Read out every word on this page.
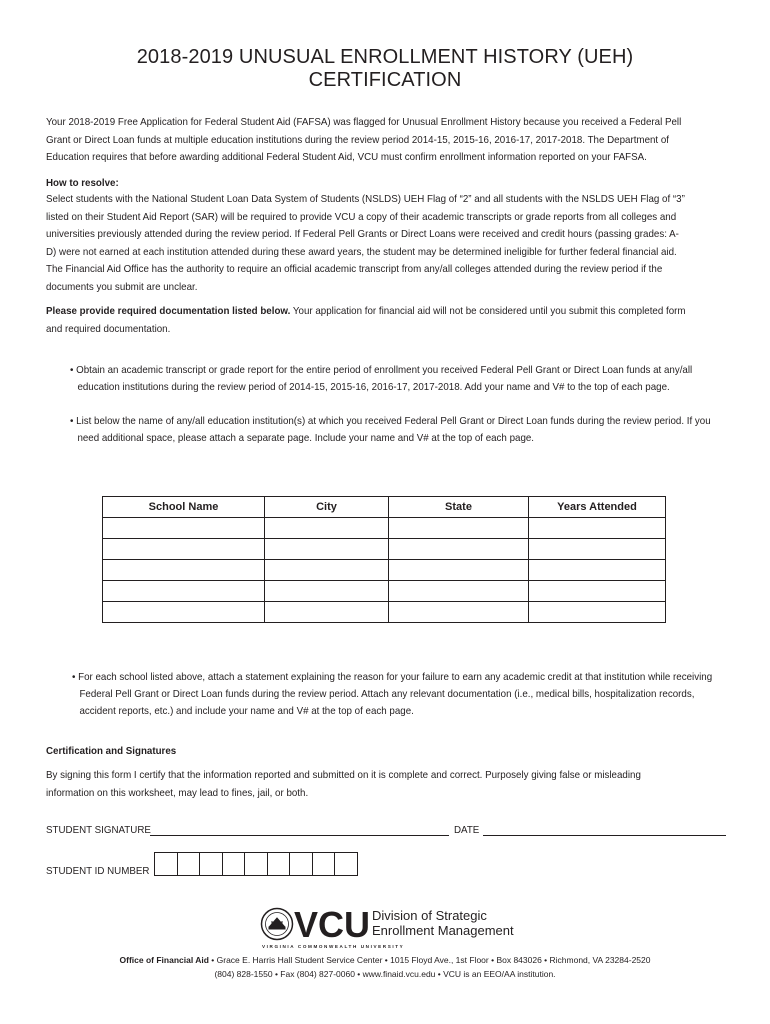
2018-2019 UNUSUAL ENROLLMENT HISTORY (UEH)
CERTIFICATION

Your 2018-2019 Free Application for Federal Student Aid (FAFSA) was flagged for Unusual Enrollment History because you received a Federal Pell Grant or Direct Loan funds at multiple education institutions during the review period 2014-15, 2015-16, 2016-17, 2017-2018. The Department of Education requires that before awarding additional Federal Student Aid, VCU must confirm enrollment information reported on your FAFSA.

How to resolve:

Select students with the National Student Loan Data System of Students (NSLDS) UEH Flag of “2” and all students with the NSLDS UEH Flag of “3” listed on their Student Aid Report (SAR) will be required to provide VCU a copy of their academic transcripts or grade reports from all colleges and universities previously attended during the review period. If Federal Pell Grants or Direct Loans were received and credit hours (passing grades: A-D) were not earned at each institution attended during these award years, the student may be determined ineligible for further federal financial aid. The Financial Aid Office has the authority to require an official academic transcript from any/all colleges attended during the review period if the documents you submit are unclear.

Please provide required documentation listed below. Your application for financial aid will not be considered until you submit this completed form and required documentation.

• Obtain an academic transcript or grade report for the entire period of enrollment you received Federal Pell Grant or Direct Loan funds at any/all education institutions during the review period of 2014-15, 2015-16, 2016-17, 2017-2018. Add your name and V# to the top of each page.

• List below the name of any/all education institution(s) at which you received Federal Pell Grant or Direct Loan funds during the review period. If you need additional space, please attach a separate page. Include your name and V# at the top of each page.

School Name	City	State	Years Attended

• For each school listed above, attach a statement explaining the reason for your failure to earn any academic credit at that institution while receiving Federal Pell Grant or Direct Loan funds during the review period. Attach any relevant documentation (i.e., medical bills, hospitalization records, accident reports, etc.) and include your name and V# at the top of each page.

Certification and Signatures

By signing this form I certify that the information reported and submitted on it is complete and correct. Purposely giving false or misleading information on this worksheet, may lead to fines, jail, or both.

STUDENT SIGNATURE	DATE
STUDENT ID NUMBER
VCU Division of Strategic
Enrollment Management
VIRGINIA COMMONWEALTH UNIVERSITY

Office of Financial Aid • Grace E. Harris Hall Student Service Center • 1015 Floyd Ave., 1st Floor • Box 843026 • Richmond, VA 23284-2520

(804) 828-1550 • Fax (804) 827-0060 • www.finaid.vcu.edu • VCU is an EEO/AA institution.
